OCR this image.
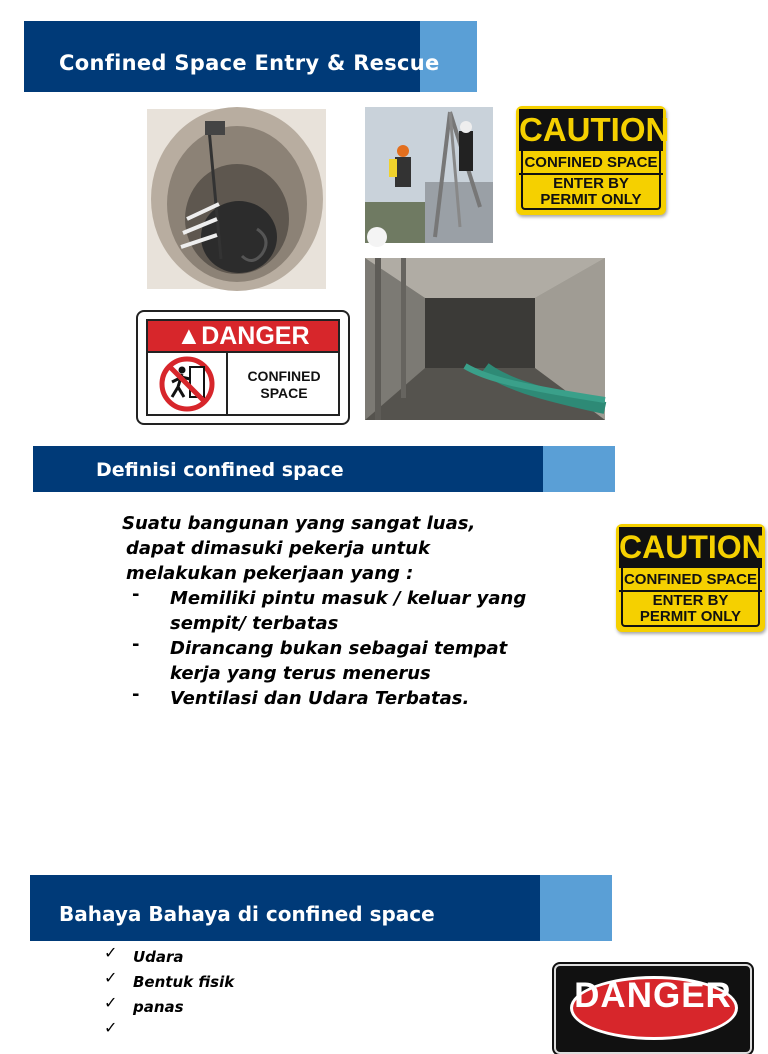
Confined Space Entry & Rescue
CAUTION
CONFINED SPACE
ENTER BY
PERMIT ONLY
▲DANGER
CONFINED
SPACE
Definisi confined space
Suatu bangunan yang sangat luas,
dapat dimasuki pekerja untuk
melakukan pekerjaan yang :
- Memiliki pintu masuk / keluar yang
sempit/ terbatas
- Dirancang bukan sebagai tempat
kerja yang terus menerus
- Ventilasi dan Udara Terbatas.
CAUTION
CONFINED SPACE
ENTER BY
PERMIT ONLY
Bahaya Bahaya di confined space
✓ Udara
✓ Bentuk fisik
✓ panas
✓
DANGER
